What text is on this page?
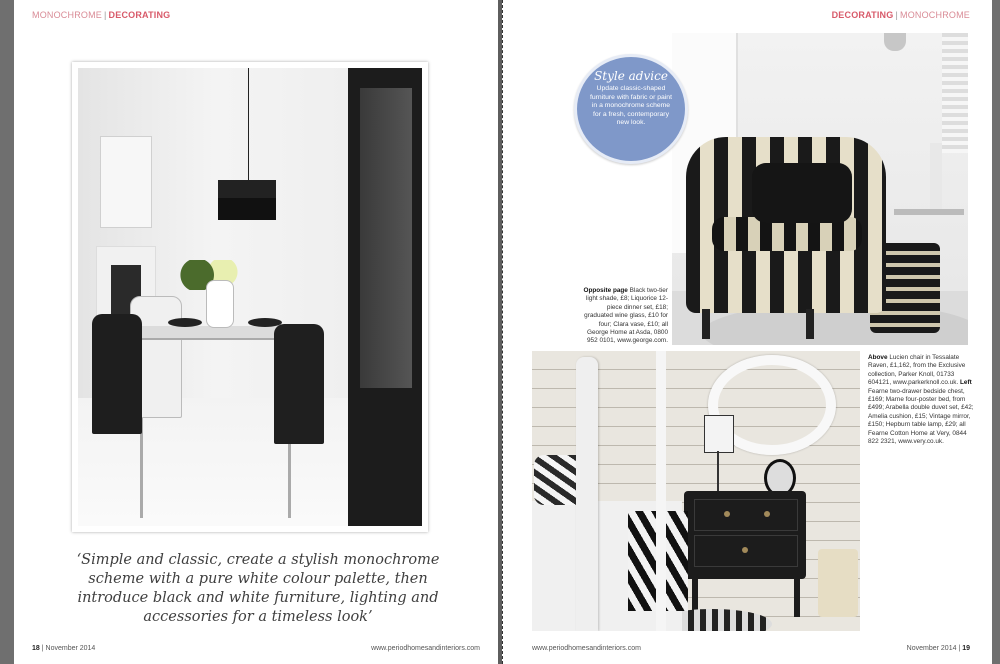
MONOCHROME | DECORATING
‘Simple and classic, create a stylish monochrome scheme with a pure white colour palette, then introduce black and white furniture, lighting and accessories for a timeless look’
18 | November 2014	www.periodhomesandinteriors.com
DECORATING | MONOCHROME
Style advice
Update classic-shaped furniture with fabric or paint in a monochrome scheme for a fresh, contemporary new look.
Opposite page Black two-tier light shade, £8; Liquorice 12-piece dinner set, £18; graduated wine glass, £10 for four; Clara vase, £10; all George Home at Asda, 0800 952 0101, www.george.com.
Above Lucien chair in Tessalate Raven, £1,162, from the Exclusive collection, Parker Knoll, 01733 604121, www.parkerknoll.co.uk. Left Fearne two-drawer bedside chest, £169; Marne four-poster bed, from £499; Arabella double duvet set, £42; Amelia cushion, £15; Vintage mirror, £150; Hepburn table lamp, £29; all Fearne Cotton Home at Very, 0844 822 2321, www.very.co.uk.
www.periodhomesandinteriors.com	November 2014 | 19
